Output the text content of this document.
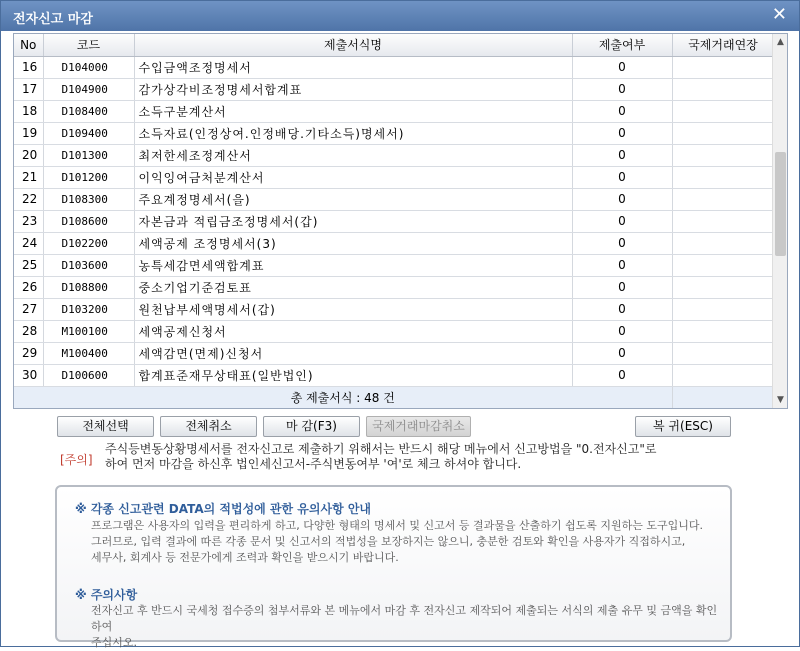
전자신고 마감	✕
No	코드	제출서식명	제출여부	국제거래연장
16	D104000	수입금액조정명세서	0	
17	D104900	감가상각비조정명세서합계표	0	
18	D108400	소득구분계산서	0	
19	D109400	소득자료(인정상여.인정배당.기타소득)명세서)	0	
20	D101300	최저한세조정계산서	0	
21	D101200	이익잉여금처분계산서	0	
22	D108300	주요계정명세서(을)	0	
23	D108600	자본금과 적립금조정명세서(갑)	0	
24	D102200	세액공제 조정명세서(3)	0	
25	D103600	농특세감면세액합계표	0	
26	D108800	중소기업기준검토표	0	
27	D103200	원천납부세액명세서(갑)	0	
28	M100100	세액공제신청서	0	
29	M100400	세액감면(면제)신청서	0	
30	D100600	합계표준재무상태표(일반법인)	0	
총 제출서식 : 48 건				
▲
▼
전체선택	전체취소	마 감(F3)	국제거래마감취소	복 귀(ESC)
[주의]
주식등변동상황명세서를 전자신고로 제출하기 위해서는 반드시 해당 메뉴에서 신고방법을 "0.전자신고"로
하여 먼저 마감을 하신후 법인세신고서-주식변동여부 '여'로 체크 하셔야 합니다.
※ 각종 신고관련 DATA의 적법성에 관한 유의사항 안내
프로그램은 사용자의 입력을 편리하게 하고, 다양한 형태의 명세서 및 신고서 등 결과물을 산출하기 쉽도록 지원하는 도구입니다.
그러므로, 입력 결과에 따른 각종 문서 및 신고서의 적법성을 보장하지는 않으니, 충분한 검토와 확인을 사용자가 직접하시고,
세무사, 회계사 등 전문가에게 조력과 확인을 받으시기 바랍니다.
※ 주의사항
전자신고 후 반드시 국세청 접수증의 첨부서류와 본 메뉴에서 마감 후 전자신고 제작되어 제출되는 서식의 제출 유무 및 금액을 확인하여
주십시오.
